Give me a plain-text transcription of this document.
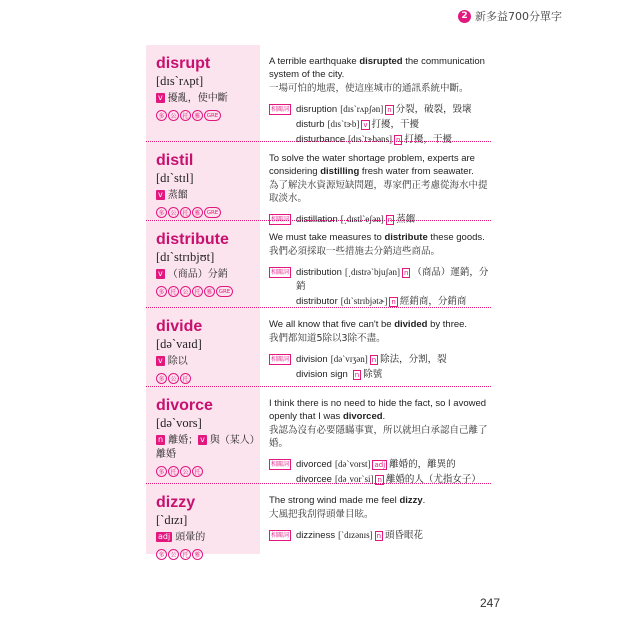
2 新多益700分單字
disrupt
[dɪsˋrʌpt]
v 擾亂，使中斷
多 公 托 雅	GRE
A terrible earthquake disrupted the communication system of the city.
一場可怕的地震，使這座城市的通訊系統中斷。
相關詞 disruption [dɪsˋrʌpʃən] n 分裂，破裂，毀壞
disturb [dɪsˋtɝb] v 打擾，干擾
disturbance [dɪsˋtɝbəns] n 打擾，干擾
distil
[dɪˋstɪl]
v 蒸餾
多 公 托 雅	GRE
To solve the water shortage problem, experts are considering distilling fresh water from seawater.
為了解決水資源短缺問題，專家們正考慮從海水中提取淡水。
相關詞 distillation [͵dɪstlˋeʃən] n 蒸餾
distribute
[dɪˋstrɪbjʊt]
v （商品）分銷
多 托 公 托 雅	GRE
We must take measures to distribute these goods.
我們必須採取一些措施去分銷這些商品。
相關詞 distribution [͵dɪstrəˋbjuʃən] n （商品）運銷，分銷
distributor [dɪˋstrɪbjətɚ] n 經銷商，分銷商
divide
[dəˋvaɪd]
v 除以
多 公 托
We all know that five can't be divided by three.
我們都知道5除以3除不盡。
相關詞 division [dəˋvɪʒən] n 除法，分割，裂
division sign n 除號
divorce
[dəˋvors]
n 離婚； v 與（某人）離婚
多 托 公 托
I think there is no need to hide the fact, so I avowed openly that I was divorced.
我認為沒有必要隱瞞事實，所以就坦白承認自己離了婚。
相關詞 divorced [dəˋvorst] adj 離婚的，離異的
divorcee [də͵vorˋsi] n 離婚的人（尤指女子）
dizzy
[ˋdɪzɪ]
adj 頭暈的
多 公 托 雅
The strong wind made me feel dizzy.
大風把我刮得頭暈目眩。
相關詞 dizziness [ˋdɪzənɪs] n 頭昏眼花
247
